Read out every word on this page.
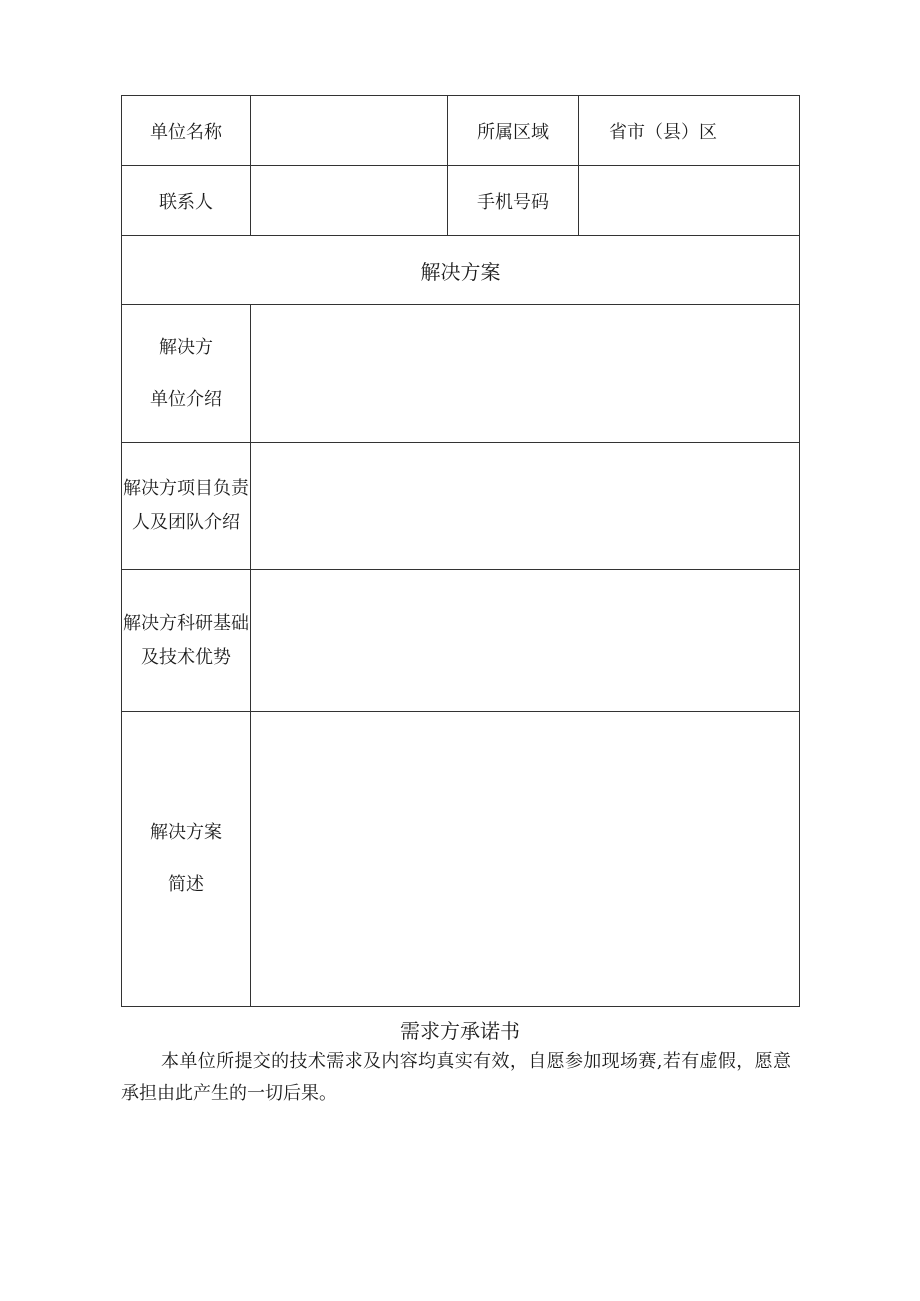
单位名称		所属区域	省市（县）区
联系人		手机号码	
解决方案			

解决方
单位介绍			

解决方项目负责人及团队介绍			
解决方科研基础及技术优势			

解决方案
简述			

需求方承诺书
本单位所提交的技术需求及内容均真实有效，自愿参加现场赛,若有虚假，愿意承担由此产生的一切后果。
